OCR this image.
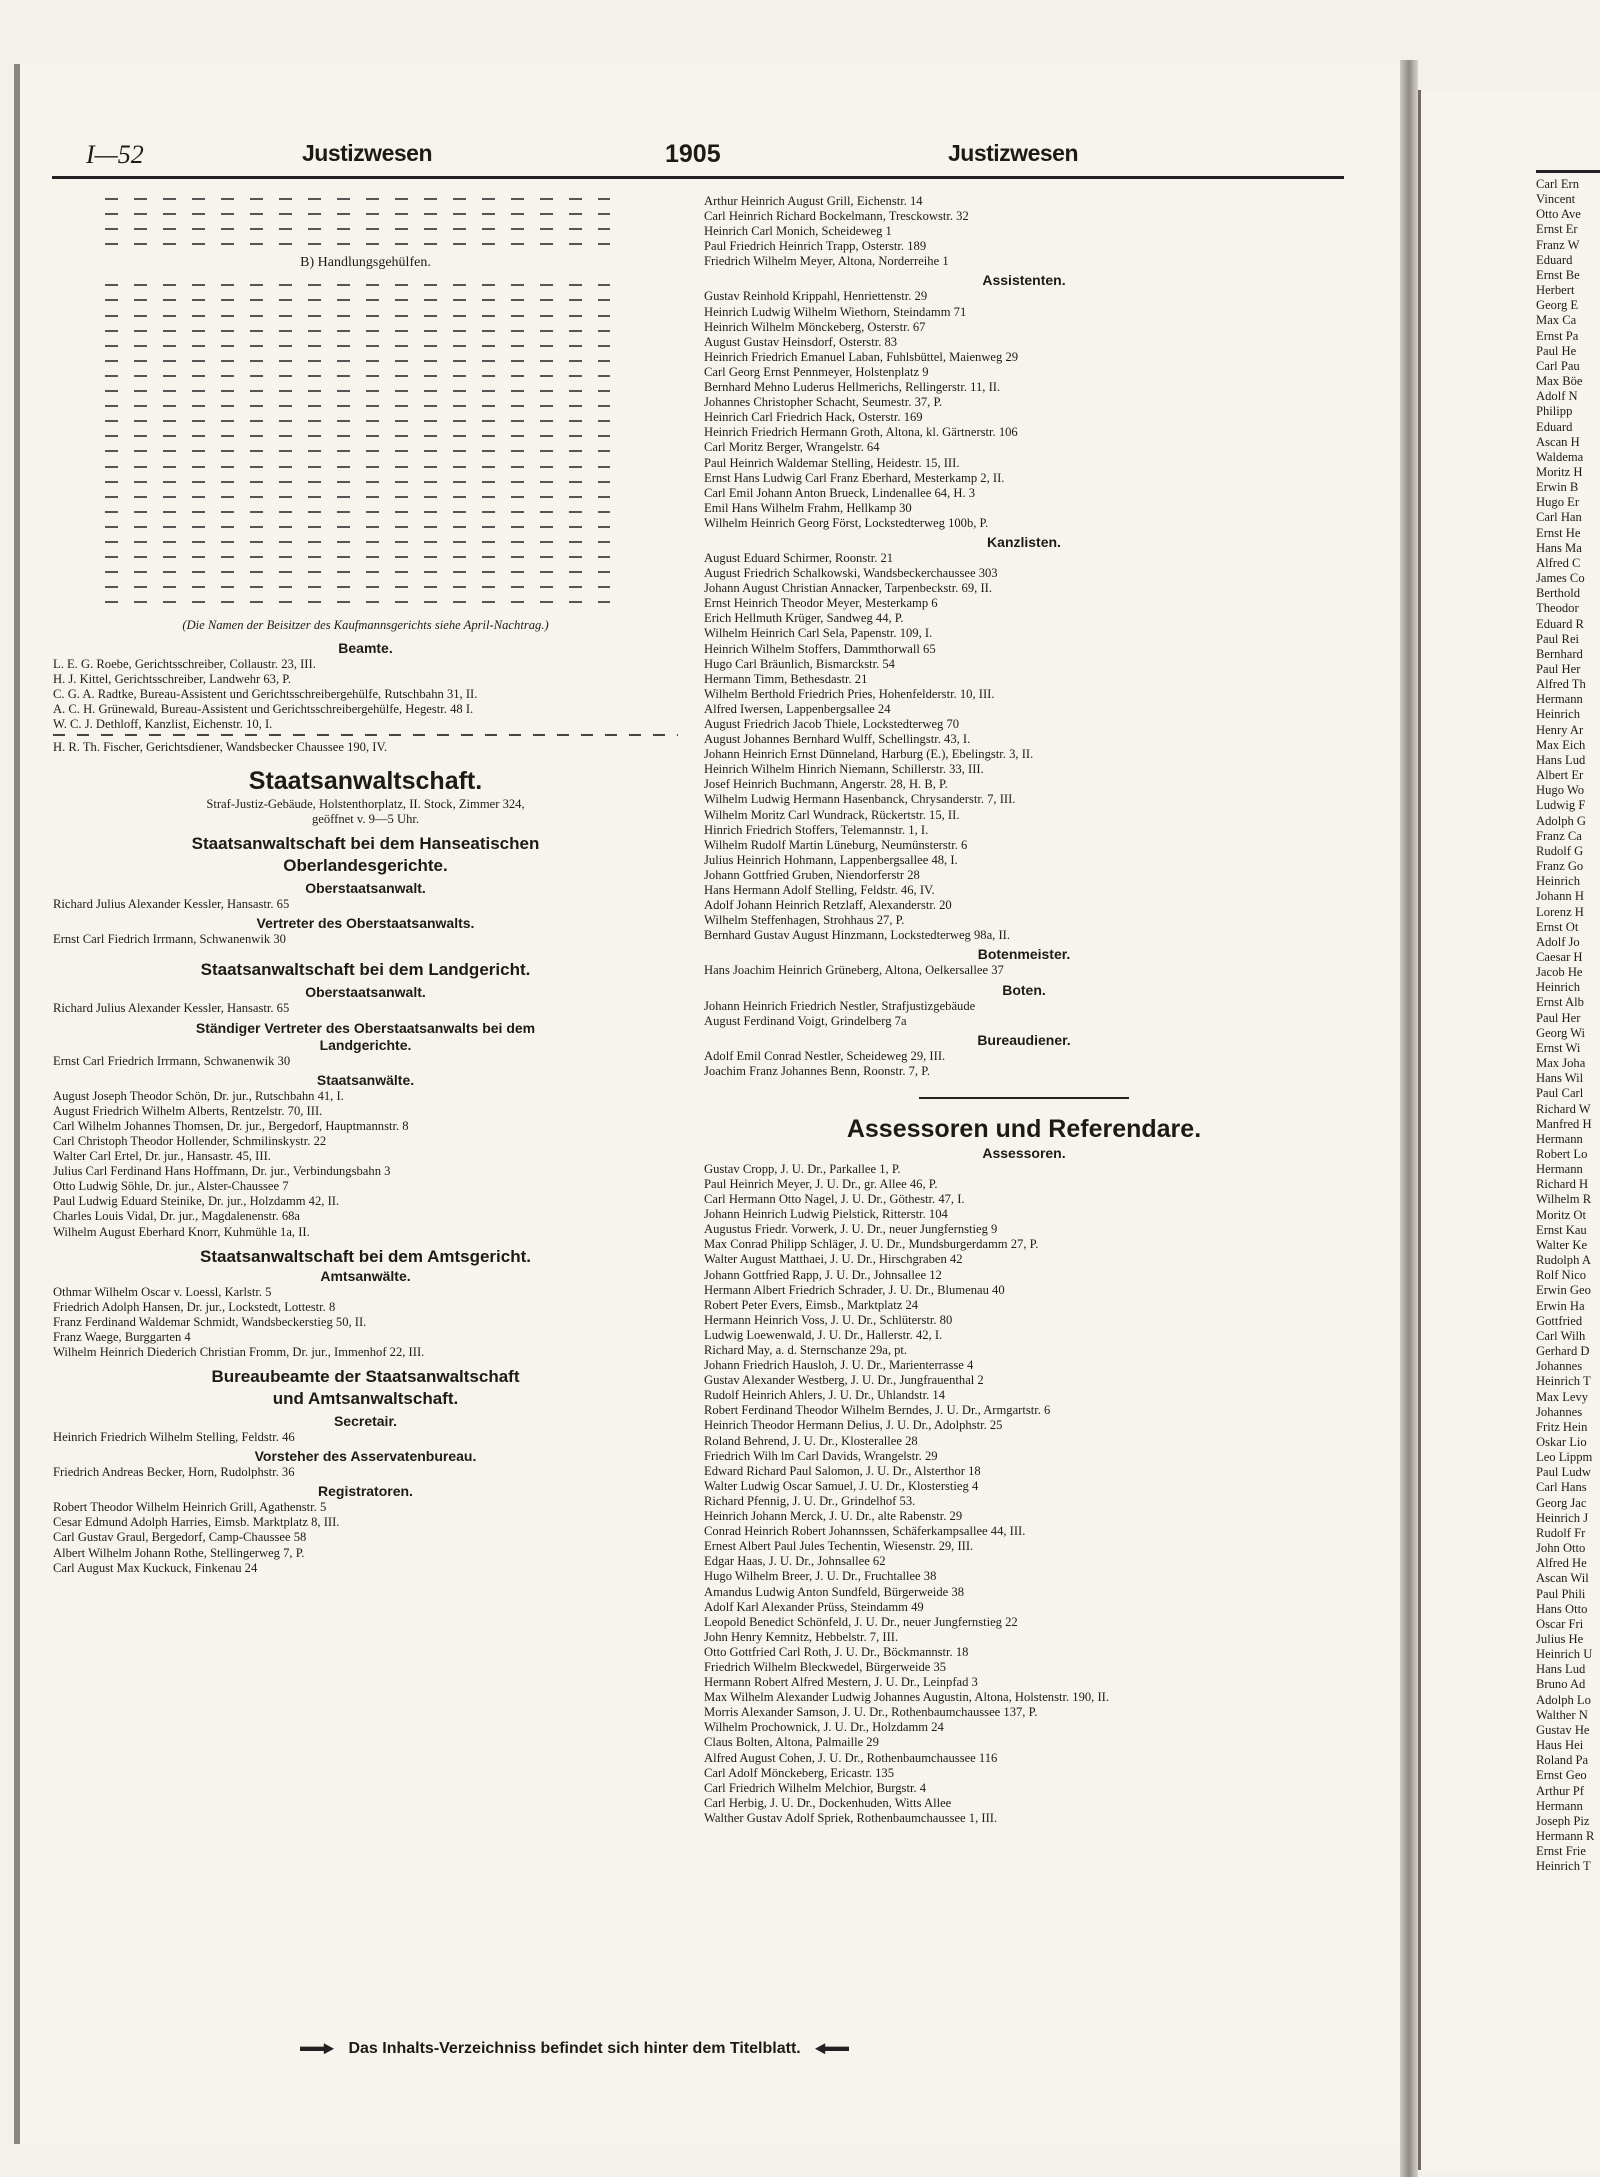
Carl Ern
Vincent
Otto Ave
Ernst Er
Franz W
Eduard
Ernst Be
Herbert
Georg E
Max Ca
Ernst Pa
Paul He
Carl Pau
Max Böe
Adolf N
Philipp
Eduard
Ascan H
Waldema
Moritz H
Erwin B
Hugo Er
Carl Han
Ernst He
Hans Ma
Alfred C
James Co
Berthold
Theodor
Eduard R
Paul Rei
Bernhard
Paul Her
Alfred Th
Hermann
Heinrich
Henry Ar
Max Eich
Hans Lud
Albert Er
Hugo Wo
Ludwig F
Adolph G
Franz Ca
Rudolf G
Franz Go
Heinrich
Johann H
Lorenz H
Ernst Ot
Adolf Jo
Caesar H
Jacob He
Heinrich
Ernst Alb
Paul Her
Georg Wi
Ernst Wi
Max Joha
Hans Wil
Paul Carl
Richard W
Manfred H
Hermann
Robert Lo
Hermann
Richard H
Wilhelm R
Moritz Ot
Ernst Kau
Walter Ke
Rudolph A
Rolf Nico
Erwin Geo
Erwin Ha
Gottfried
Carl Wilh
Gerhard D
Johannes
Heinrich T
Max Levy
Johannes
Fritz Hein
Oskar Lio
Leo Lippm
Paul Ludw
Carl Hans
Georg Jac
Heinrich J
Rudolf Fr
John Otto
Alfred He
Ascan Wil
Paul Phili
Hans Otto
Oscar Fri
Julius He
Heinrich U
Hans Lud
Bruno Ad
Adolph Lo
Walther N
Gustav He
Haus Hei
Roland Pa
Ernst Geo
Arthur Pf
Hermann
Joseph Piz
Hermann R
Ernst Frie
Heinrich T
I—52	Justizwesen	1905	Justizwesen
B) Handlungsgehülfen.
(Die Namen der Beisitzer des Kaufmannsgerichts siehe April-Nachtrag.)
Beamte.
L. E. G. Roebe, Gerichtsschreiber, Collaustr. 23, III.
H. J. Kittel, Gerichtsschreiber, Landwehr 63, P.
C. G. A. Radtke, Bureau-Assistent und Gerichtsschreibergehülfe, Rutschbahn 31, II.
A. C. H. Grünewald, Bureau-Assistent und Gerichtsschreibergehülfe, Hegestr. 48 I.
W. C. J. Dethloff, Kanzlist, Eichenstr. 10, I.
H. R. Th. Fischer, Gerichtsdiener, Wandsbecker Chaussee 190, IV.
Staatsanwaltschaft.
Straf-Justiz-Gebäude, Holstenthorplatz, II. Stock, Zimmer 324,
geöffnet v. 9—5 Uhr.
Staatsanwaltschaft bei dem Hanseatischen
Oberlandesgerichte.
Oberstaatsanwalt.
Richard Julius Alexander Kessler, Hansastr. 65
Vertreter des Oberstaatsanwalts.
Ernst Carl Fiedrich Irrmann, Schwanenwik 30
Staatsanwaltschaft bei dem Landgericht.
Oberstaatsanwalt.
Richard Julius Alexander Kessler, Hansastr. 65
Ständiger Vertreter des Oberstaatsanwalts bei dem
Landgerichte.
Ernst Carl Friedrich Irrmann, Schwanenwik 30
Staatsanwälte.
August Joseph Theodor Schön, Dr. jur., Rutschbahn 41, I.
August Friedrich Wilhelm Alberts, Rentzelstr. 70, III.
Carl Wilhelm Johannes Thomsen, Dr. jur., Bergedorf, Hauptmannstr. 8
Carl Christoph Theodor Hollender, Schmilinskystr. 22
Walter Carl Ertel, Dr. jur., Hansastr. 45, III.
Julius Carl Ferdinand Hans Hoffmann, Dr. jur., Verbindungsbahn 3
Otto Ludwig Söhle, Dr. jur., Alster-Chaussee 7
Paul Ludwig Eduard Steinike, Dr. jur., Holzdamm 42, II.
Charles Louis Vidal, Dr. jur., Magdalenenstr. 68a
Wilhelm August Eberhard Knorr, Kuhmühle 1a, II.
Staatsanwaltschaft bei dem Amtsgericht.
Amtsanwälte.
Othmar Wilhelm Oscar v. Loessl, Karlstr. 5
Friedrich Adolph Hansen, Dr. jur., Lockstedt, Lottestr. 8
Franz Ferdinand Waldemar Schmidt, Wandsbeckerstieg 50, II.
Franz Waege, Burggarten 4
Wilhelm Heinrich Diederich Christian Fromm, Dr. jur., Immenhof 22, III.
Bureaubeamte der Staatsanwaltschaft
und Amtsanwaltschaft.
Secretair.
Heinrich Friedrich Wilhelm Stelling, Feldstr. 46
Vorsteher des Asservatenbureau.
Friedrich Andreas Becker, Horn, Rudolphstr. 36
Registratoren.
Robert Theodor Wilhelm Heinrich Grill, Agathenstr. 5
Cesar Edmund Adolph Harries, Eimsb. Marktplatz 8, III.
Carl Gustav Graul, Bergedorf, Camp-Chaussee 58
Albert Wilhelm Johann Rothe, Stellingerweg 7, P.
Carl August Max Kuckuck, Finkenau 24
Arthur Heinrich August Grill, Eichenstr. 14
Carl Heinrich Richard Bockelmann, Tresckowstr. 32
Heinrich Carl Monich, Scheideweg 1
Paul Friedrich Heinrich Trapp, Osterstr. 189
Friedrich Wilhelm Meyer, Altona, Norderreihe 1
Assistenten.
Gustav Reinhold Krippahl, Henriettenstr. 29
Heinrich Ludwig Wilhelm Wiethorn, Steindamm 71
Heinrich Wilhelm Mönckeberg, Osterstr. 67
August Gustav Heinsdorf, Osterstr. 83
Heinrich Friedrich Emanuel Laban, Fuhlsbüttel, Maienweg 29
Carl Georg Ernst Pennmeyer, Holstenplatz 9
Bernhard Mehno Luderus Hellmerichs, Rellingerstr. 11, II.
Johannes Christopher Schacht, Seumestr. 37, P.
Heinrich Carl Friedrich Hack, Osterstr. 169
Heinrich Friedrich Hermann Groth, Altona, kl. Gärtnerstr. 106
Carl Moritz Berger, Wrangelstr. 64
Paul Heinrich Waldemar Stelling, Heidestr. 15, III.
Ernst Hans Ludwig Carl Franz Eberhard, Mesterkamp 2, II.
Carl Emil Johann Anton Brueck, Lindenallee 64, H. 3
Emil Hans Wilhelm Frahm, Hellkamp 30
Wilhelm Heinrich Georg Först, Lockstedterweg 100b, P.
Kanzlisten.
August Eduard Schirmer, Roonstr. 21
August Friedrich Schalkowski, Wandsbeckerchaussee 303
Johann August Christian Annacker, Tarpenbeckstr. 69, II.
Ernst Heinrich Theodor Meyer, Mesterkamp 6
Erich Hellmuth Krüger, Sandweg 44, P.
Wilhelm Heinrich Carl Sela, Papenstr. 109, I.
Heinrich Wilhelm Stoffers, Dammthorwall 65
Hugo Carl Bräunlich, Bismarckstr. 54
Hermann Timm, Bethesdastr. 21
Wilhelm Berthold Friedrich Pries, Hohenfelderstr. 10, III.
Alfred Iwersen, Lappenbergsallee 24
August Friedrich Jacob Thiele, Lockstedterweg 70
August Johannes Bernhard Wulff, Schellingstr. 43, I.
Johann Heinrich Ernst Dünneland, Harburg (E.), Ebelingstr. 3, II.
Heinrich Wilhelm Hinrich Niemann, Schillerstr. 33, III.
Josef Heinrich Buchmann, Angerstr. 28, H. B, P.
Wilhelm Ludwig Hermann Hasenbanck, Chrysanderstr. 7, III.
Wilhelm Moritz Carl Wundrack, Rückertstr. 15, II.
Hinrich Friedrich Stoffers, Telemannstr. 1, I.
Wilhelm Rudolf Martin Lüneburg, Neumünsterstr. 6
Julius Heinrich Hohmann, Lappenbergsallee 48, I.
Johann Gottfried Gruben, Niendorferstr 28
Hans Hermann Adolf Stelling, Feldstr. 46, IV.
Adolf Johann Heinrich Retzlaff, Alexanderstr. 20
Wilhelm Steffenhagen, Strohhaus 27, P.
Bernhard Gustav August Hinzmann, Lockstedterweg 98a, II.
Botenmeister.
Hans Joachim Heinrich Grüneberg, Altona, Oelkersallee 37
Boten.
Johann Heinrich Friedrich Nestler, Strafjustizgebäude
August Ferdinand Voigt, Grindelberg 7a
Bureaudiener.
Adolf Emil Conrad Nestler, Scheideweg 29, III.
Joachim Franz Johannes Benn, Roonstr. 7, P.
Assessoren und Referendare.
Assessoren.
Gustav Cropp, J. U. Dr., Parkallee 1, P.
Paul Heinrich Meyer, J. U. Dr., gr. Allee 46, P.
Carl Hermann Otto Nagel, J. U. Dr., Göthestr. 47, I.
Johann Heinrich Ludwig Pielstick, Ritterstr. 104
Augustus Friedr. Vorwerk, J. U. Dr., neuer Jungfernstieg 9
Max Conrad Philipp Schläger, J. U. Dr., Mundsburgerdamm 27, P.
Walter August Matthaei, J. U. Dr., Hirschgraben 42
Johann Gottfried Rapp, J. U. Dr., Johnsallee 12
Hermann Albert Friedrich Schrader, J. U. Dr., Blumenau 40
Robert Peter Evers, Eimsb., Marktplatz 24
Hermann Heinrich Voss, J. U. Dr., Schlüterstr. 80
Ludwig Loewenwald, J. U. Dr., Hallerstr. 42, I.
Richard May, a. d. Sternschanze 29a, pt.
Johann Friedrich Hausloh, J. U. Dr., Marienterrasse 4
Gustav Alexander Westberg, J. U. Dr., Jungfrauenthal 2
Rudolf Heinrich Ahlers, J. U. Dr., Uhlandstr. 14
Robert Ferdinand Theodor Wilhelm Berndes, J. U. Dr., Armgartstr. 6
Heinrich Theodor Hermann Delius, J. U. Dr., Adolphstr. 25
Roland Behrend, J. U. Dr., Klosterallee 28
Friedrich Wilh lm Carl Davids, Wrangelstr. 29
Edward Richard Paul Salomon, J. U. Dr., Alsterthor 18
Walter Ludwig Oscar Samuel, J. U. Dr., Klosterstieg 4
Richard Pfennig, J. U. Dr., Grindelhof 53.
Heinrich Johann Merck, J. U. Dr., alte Rabenstr. 29
Conrad Heinrich Robert Johannssen, Schäferkampsallee 44, III.
Ernest Albert Paul Jules Techentin, Wiesenstr. 29, III.
Edgar Haas, J. U. Dr., Johnsallee 62
Hugo Wilhelm Breer, J. U. Dr., Fruchtallee 38
Amandus Ludwig Anton Sundfeld, Bürgerweide 38
Adolf Karl Alexander Prüss, Steindamm 49
Leopold Benedict Schönfeld, J. U. Dr., neuer Jungfernstieg 22
John Henry Kemnitz, Hebbelstr. 7, III.
Otto Gottfried Carl Roth, J. U. Dr., Böckmannstr. 18
Friedrich Wilhelm Bleckwedel, Bürgerweide 35
Hermann Robert Alfred Mestern, J. U. Dr., Leinpfad 3
Max Wilhelm Alexander Ludwig Johannes Augustin, Altona, Holstenstr. 190, II.
Morris Alexander Samson, J. U. Dr., Rothenbaumchaussee 137, P.
Wilhelm Prochownick, J. U. Dr., Holzdamm 24
Claus Bolten, Altona, Palmaille 29
Alfred August Cohen, J. U. Dr., Rothenbaumchaussee 116
Carl Adolf Mönckeberg, Ericastr. 135
Carl Friedrich Wilhelm Melchior, Burgstr. 4
Carl Herbig, J. U. Dr., Dockenhuden, Witts Allee
Walther Gustav Adolf Spriek, Rothenbaumchaussee 1, III.
Das Inhalts-Verzeichniss befindet sich hinter dem Titelblatt.
